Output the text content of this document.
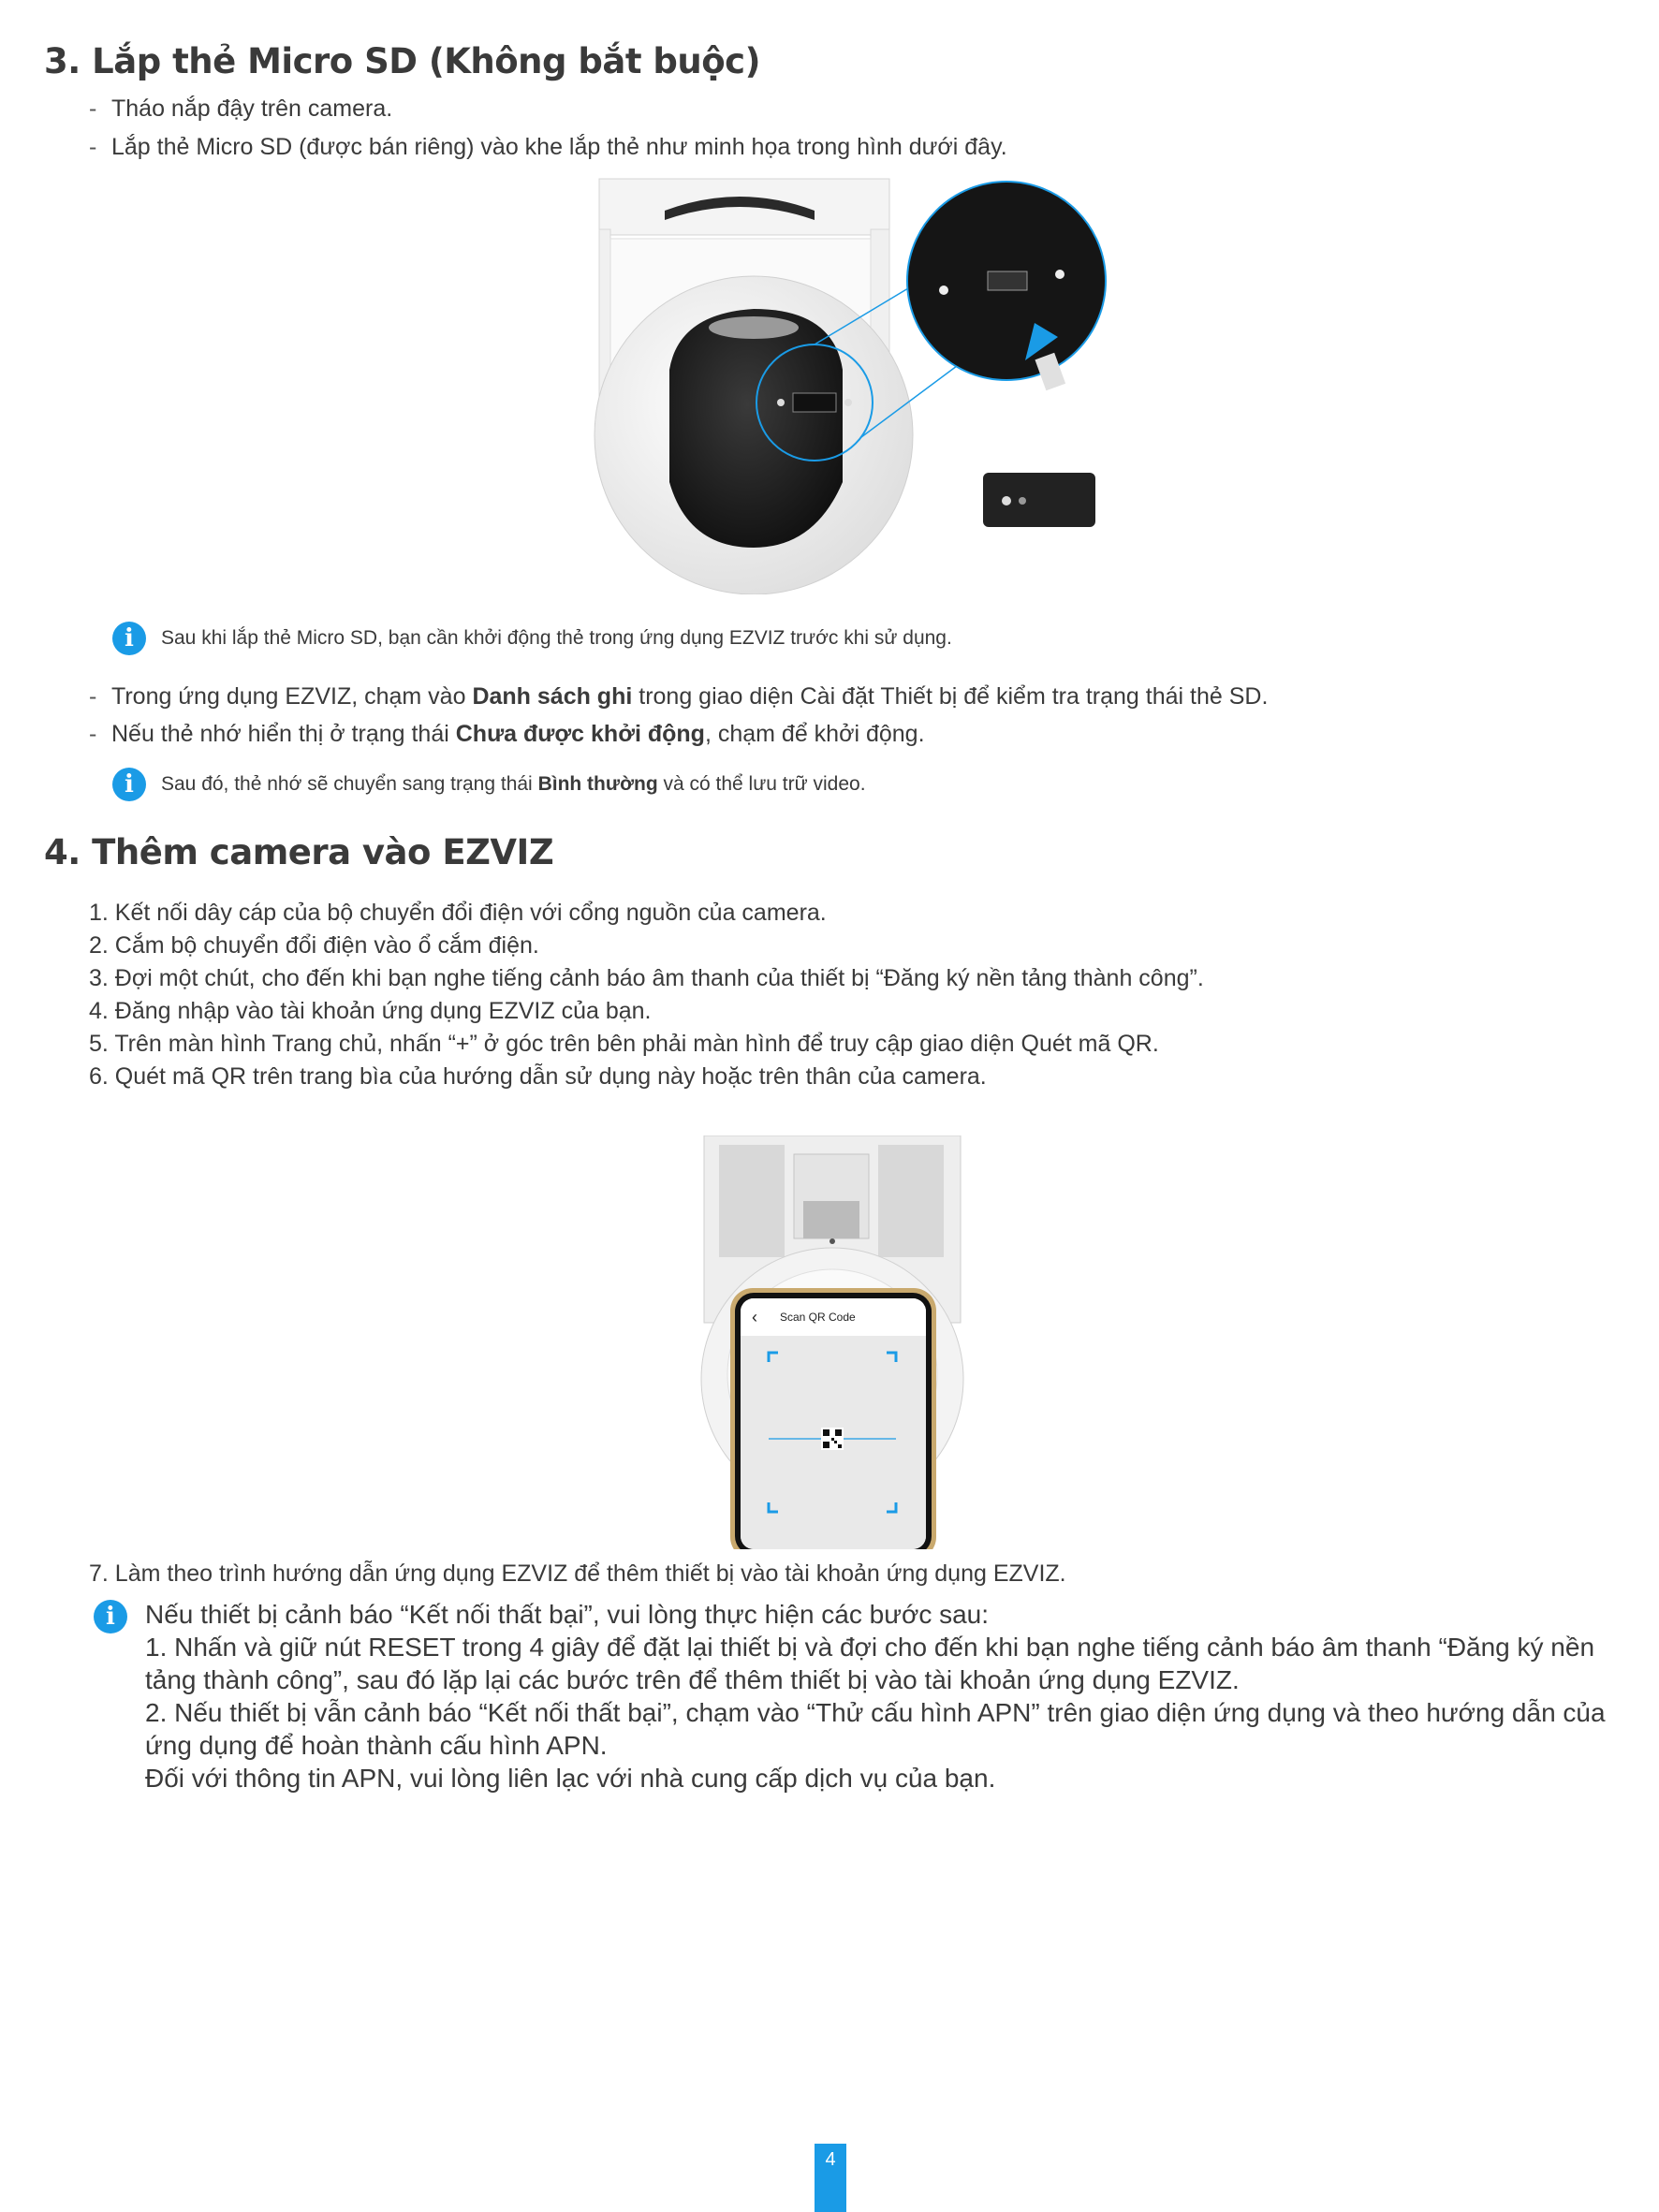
3. Lắp thẻ Micro SD (Không bắt buộc)
- Tháo nắp đậy trên camera.
- Lắp thẻ Micro SD (được bán riêng) vào khe lắp thẻ như minh họa trong hình dưới đây.
i	Sau khi lắp thẻ Micro SD, bạn cần khởi động thẻ trong ứng dụng EZVIZ trước khi sử dụng.
- Trong ứng dụng EZVIZ, chạm vào Danh sách ghi trong giao diện Cài đặt Thiết bị để kiểm tra trạng thái thẻ SD.
- Nếu thẻ nhớ hiển thị ở trạng thái Chưa được khởi động, chạm để khởi động.
i	Sau đó, thẻ nhớ sẽ chuyển sang trạng thái Bình thường và có thể lưu trữ video.
4. Thêm camera vào EZVIZ
1. Kết nối dây cáp của bộ chuyển đổi điện với cổng nguồn của camera.
2. Cắm bộ chuyển đổi điện vào ổ cắm điện.
3. Đợi một chút, cho đến khi bạn nghe tiếng cảnh báo âm thanh của thiết bị “Đăng ký nền tảng thành công”.
4. Đăng nhập vào tài khoản ứng dụng EZVIZ của bạn.
5. Trên màn hình Trang chủ, nhấn “+” ở góc trên bên phải màn hình để truy cập giao diện Quét mã QR.
6. Quét mã QR trên trang bìa của hướng dẫn sử dụng này hoặc trên thân của camera.
‹ Scan QR Code
7. Làm theo trình hướng dẫn ứng dụng EZVIZ để thêm thiết bị vào tài khoản ứng dụng EZVIZ.
i	Nếu thiết bị cảnh báo “Kết nối thất bại”, vui lòng thực hiện các bước sau:
1. Nhấn và giữ nút RESET trong 4 giây để đặt lại thiết bị và đợi cho đến khi bạn nghe tiếng cảnh báo âm thanh “Đăng ký nền tảng thành công”, sau đó lặp lại các bước trên để thêm thiết bị vào tài khoản ứng dụng EZVIZ.
2. Nếu thiết bị vẫn cảnh báo “Kết nối thất bại”, chạm vào “Thử cấu hình APN” trên giao diện ứng dụng và theo hướng dẫn của ứng dụng để hoàn thành cấu hình APN.
Đối với thông tin APN, vui lòng liên lạc với nhà cung cấp dịch vụ của bạn.
4
